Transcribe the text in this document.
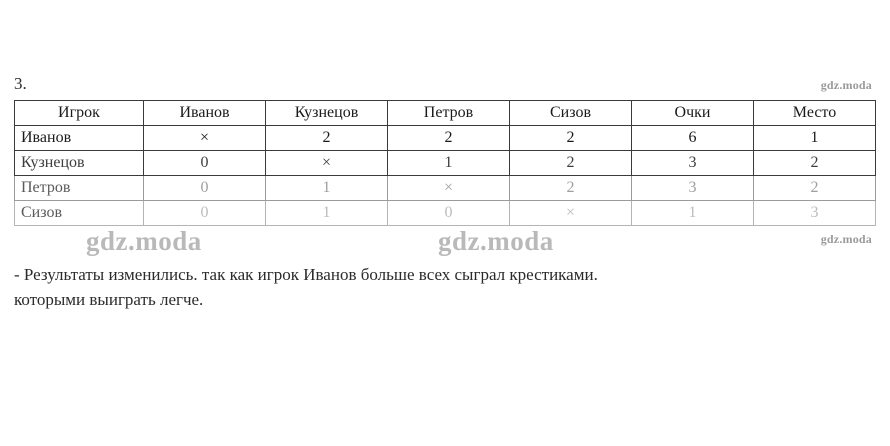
3.	gdz.moda
Игрок	Иванов	Кузнецов	Петров	Сизов	Очки	Место
Иванов	×	2	2	2	6	1
Кузнецов	0	×	1	2	3	2
Петров	0	1	×	2	3	2
Сизов	0	1	0	×	1	3
gdz.moda	gdz.moda	gdz.moda
- Результаты изменились. так как игрок Иванов больше всех сыграл крестиками.
которыми выиграть легче.
